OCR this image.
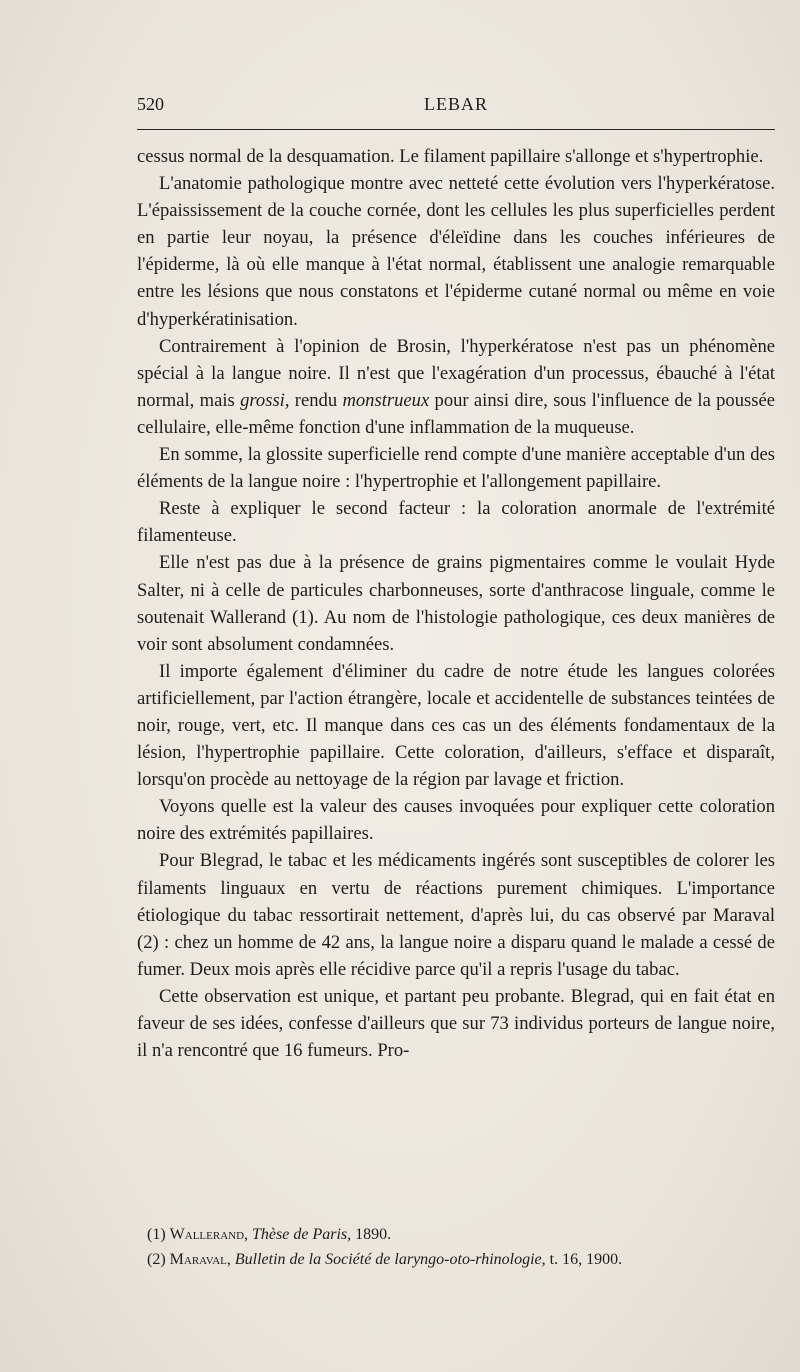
520	LEBAR

cessus normal de la desquamation. Le filament papillaire s'allonge et s'hypertrophie.

L'anatomie pathologique montre avec netteté cette évolution vers l'hyperkératose. L'épaississement de la couche cornée, dont les cellules les plus superficielles perdent en partie leur noyau, la présence d'éleïdine dans les couches inférieures de l'épiderme, là où elle manque à l'état normal, établissent une analogie remarquable entre les lésions que nous constatons et l'épiderme cutané normal ou même en voie d'hyperkératinisation.

Contrairement à l'opinion de Brosin, l'hyperkératose n'est pas un phénomène spécial à la langue noire. Il n'est que l'exagération d'un processus, ébauché à l'état normal, mais grossi, rendu monstrueux pour ainsi dire, sous l'influence de la poussée cellulaire, elle-même fonction d'une inflammation de la muqueuse.

En somme, la glossite superficielle rend compte d'une manière acceptable d'un des éléments de la langue noire : l'hypertrophie et l'allongement papillaire.

Reste à expliquer le second facteur : la coloration anormale de l'extrémité filamenteuse.

Elle n'est pas due à la présence de grains pigmentaires comme le voulait Hyde Salter, ni à celle de particules charbonneuses, sorte d'anthracose linguale, comme le soutenait Wallerand (1). Au nom de l'histologie pathologique, ces deux manières de voir sont absolument condamnées.

Il importe également d'éliminer du cadre de notre étude les langues colorées artificiellement, par l'action étrangère, locale et accidentelle de substances teintées de noir, rouge, vert, etc. Il manque dans ces cas un des éléments fondamentaux de la lésion, l'hypertrophie papillaire. Cette coloration, d'ailleurs, s'efface et disparaît, lorsqu'on procède au nettoyage de la région par lavage et friction.

Voyons quelle est la valeur des causes invoquées pour expliquer cette coloration noire des extrémités papillaires.

Pour Blegrad, le tabac et les médicaments ingérés sont susceptibles de colorer les filaments linguaux en vertu de réactions purement chimiques. L'importance étiologique du tabac ressortirait nettement, d'après lui, du cas observé par Maraval (2) : chez un homme de 42 ans, la langue noire a disparu quand le malade a cessé de fumer. Deux mois après elle récidive parce qu'il a repris l'usage du tabac.

Cette observation est unique, et partant peu probante. Blegrad, qui en fait état en faveur de ses idées, confesse d'ailleurs que sur 73 individus porteurs de langue noire, il n'a rencontré que 16 fumeurs. Pro-

(1) Wallerand, Thèse de Paris, 1890.
(2) Maraval, Bulletin de la Société de laryngo-oto-rhinologie, t. 16, 1900.
